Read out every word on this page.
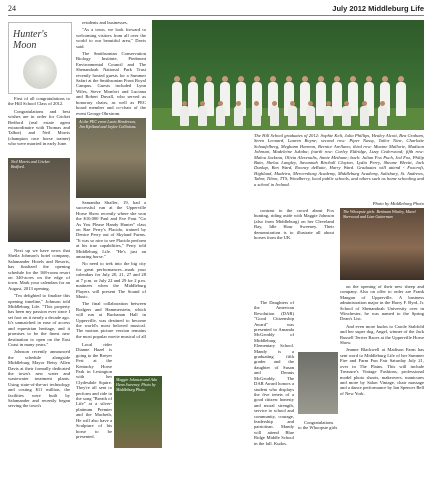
24	July 2012 Middleburg Life
Hunter's
Moon

First of all congratulations to the Hill School Class of 2012.

Congratulations and best wishes are in order for Cricket Bedford (real estate agent extraordinaire with Thomas and Talbot) and Neil Morris (champion race horse trainer) who were married in early June.

Neil Morris and Cricket Bedford.

Next up we have news that Sheila Johnson's hotel company, Salamander Hotels and Resorts, has finalized the opening schedule for the 168-room resort on 340-acres on the edge of town. Mark your calendars for an August, 2013 opening.

"I'm delighted to finalize this opening timeline," Johnson told Middleburg Life. "This property has been my passion ever since I set foot on it nearly a decade ago. It's unmatched in ease of access and equestrian heritage, and it promises to be the finest new destination to open on the East Coast in many years."

Johnson recently announced the schedule alongside Middleburg Mayor Betsy Allen Davis at their formally dedicated the town's new water and wastewater treatment plants. Using state-of-the-art technology and costing $11 million, the facilities were built by Salamander and recently began serving the town's

residents and businesses.

"As a town, we look forward to welcoming visitors from all over the world to our beautiful area," Davis said.

The Smithsonian Conservation Biology Institute, Piedmont Environmental Council and The Shenandoah National Park Trust recently hosted guests for a Summer Safari at the Smithsonian Front Royal Campus. Guests included Lynn Wiles, Steve Monfort and Luciana and Robert Duvall, who served as honorary chairs, as well as PEC board member and co-chair of the event George Ohrstrom.

At the PEC event Lucia Henderson, Jim Kjelland and Jaylee Collintons.

Samantha Shaffer, 19, had a successful run at the Upperville Horse Show recently where she won the $10,000 Paul and Eve Fout "Go As You Please Handy Hunter" class on Rae Perry's Placido, trained by Denice Perry out of Skyland Farms. "It was so nice to see Placido perform at his true capabilities," Perry told Middleburg Life. "He's just an amazing horse."

No need to trek into the big city for great performances...mark your calendars for July 20, 21, 27 and 28 at 7 p.m. or July 22 and 29 for 2 p.m. matinees when the Middleburg Players will present The Sound of Music.

The final collaboration between Rodgers and Hammerstein, which will run at Buchanan Hall in Upperville, was destined to become the world's most beloved musical. The motion picture version remains the most popular movie musical of all

Local rider Dianne Hazel is going to the Breyer Fest at the Kentucky Horse Park in Lexington with her Clydesdale Squire. They're all sent to perform and ride in the song "Breath of Life" at a silver-platinum Premier and the Macbeth, He will also have a Sculpture of his horse to be presented.

Maggie Johnson and Ada Henn Sweeney. Photo by Middleburg Photo
The Hill School graduates of 2012: Sophie Kelt, Julia Phillips, Healey Alcott, Bea Graham, Seren Leonard, Lauren Boyne; second row: Piper Nassy, Tailor Nine, Charlotte Schaufelberg, Meghann Harmon, Bernice Arellano; third row: Maxine Mallorie, Madison Johnson, Madeleine Jukoba; fourth row: Carley Eldridge, Lizzy Cederwood; fifth row: Malou Jackson, Olivia Alexeoulis, Annie Methane; back: Julian Fox Puch, Jed Fox, Philip Bain, Shelas Langley, Savannah Birchall Clayton, Lydia Perry, Sheane Blevitt, Jack Dunlap, Ben Ward, Rooney deRutte, Harry Ward. Graduates will attend - Foxcroft, Highland, Madeira, Mercersburg Academy, Middleburg Academy, Salisbury, St. Andrews, Tabor, Tilton, TTS, Woodberry, local public schools, and others such as home schooling and a school in Ireland.
Photo by Middleburg Photo

contrast to the crowd about Fox hunting, riding aside with Maggie Johnson (also from Middleburg) on her Cleveland Bay, Idle Hour Sweeney. Their demonstration is to illustrate all about horses from the UK.

The Daughters of the American Revolution (DAR) "Good Citizenship Award" was presented to Amanda McGeoddy of Middleburg Elementary School. Mandy is a graduating fifth grader and the daughter of Susan and Dennis McGeoddy. The DAR Award honors a student who displays the five tenets of a good citizen: honesty and moral strength, service to school and community, courage, leadership and patriotism. Mandy will attend Blue Ridge Middle School in the fall. Kudos.

Congratulations to the Whoopsie girls

The Whoopsie girls: Bettinam Whaley, Mavel Sherwood and Lian Gutterman

on the opening of their new sheep and company. Also on offer to order are Frank Mangan of Upperville, A business administration major in the Harry F. Byrd, Jr. School of Shenandoah University over in Winchester, he was named to the Spring Dean's List.

And even more kudos to Carole Stabfold and her super dog, Angel, winner of the Jack Russell Terrier Races at the Upperville Horse Show.

Jeanne Blackwell at Madison Farm has sent word to Middleburg Life of her Summer Fire and Farm Fun Fair Saturday July 21, over in The Plains. This will include Treasure's Vintage Fashions, professional model photo shoots, makeovers, manicures and more by Salon Vintage, chair massage and a dance performance by Ian Spencer Bell of New York.
